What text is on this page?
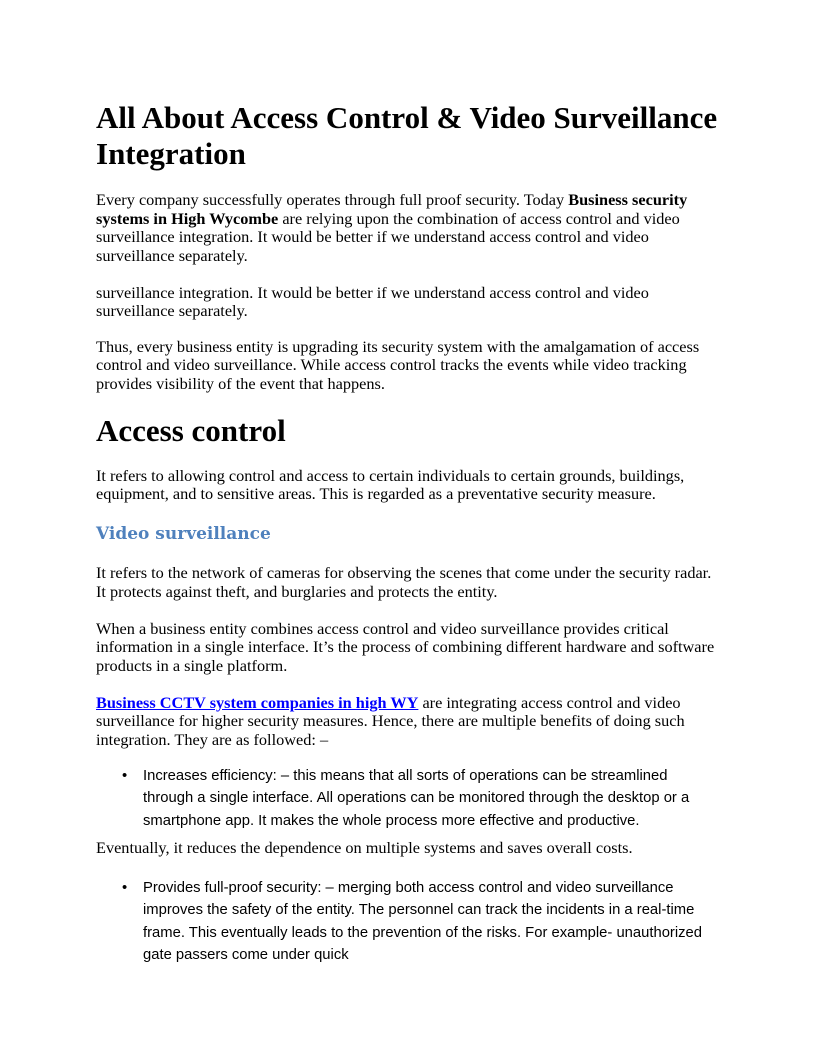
All About Access Control & Video Surveillance Integration

Every company successfully operates through full proof security. Today Business security systems in High Wycombe are relying upon the combination of access control and video surveillance integration. It would be better if we understand access control and video surveillance separately.

surveillance integration. It would be better if we understand access control and video surveillance separately.

Thus, every business entity is upgrading its security system with the amalgamation of access control and video surveillance. While access control tracks the events while video tracking provides visibility of the event that happens.

Access control

It refers to allowing control and access to certain individuals to certain grounds, buildings, equipment, and to sensitive areas. This is regarded as a preventative security measure.

Video surveillance

It refers to the network of cameras for observing the scenes that come under the security radar. It protects against theft, and burglaries and protects the entity.

When a business entity combines access control and video surveillance provides critical information in a single interface. It’s the process of combining different hardware and software products in a single platform.

Business CCTV system companies in high WY are integrating access control and video surveillance for higher security measures. Hence, there are multiple benefits of doing such integration. They are as followed: –

• Increases efficiency: – this means that all sorts of operations can be streamlined through a single interface. All operations can be monitored through the desktop or a smartphone app. It makes the whole process more effective and productive.

Eventually, it reduces the dependence on multiple systems and saves overall costs.

• Provides full-proof security: – merging both access control and video surveillance improves the safety of the entity. The personnel can track the incidents in a real-time frame. This eventually leads to the prevention of the risks. For example- unauthorized gate passers come under quick
